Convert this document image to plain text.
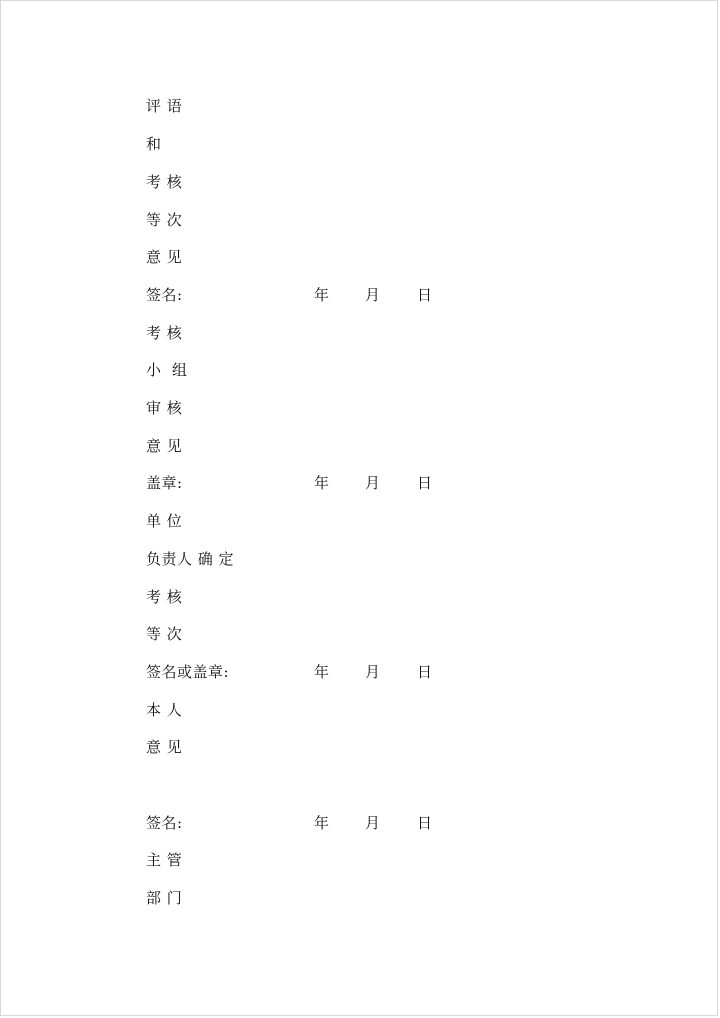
评 语
和
考 核
等 次
意 见
签名:	年 月 日
考 核
小  组
审 核
意 见
盖章:	年 月 日
单 位
负责人 确 定
考 核
等 次
签名或盖章:	年 月 日
本 人
意 见
签名:	年 月 日
主 管
部 门
